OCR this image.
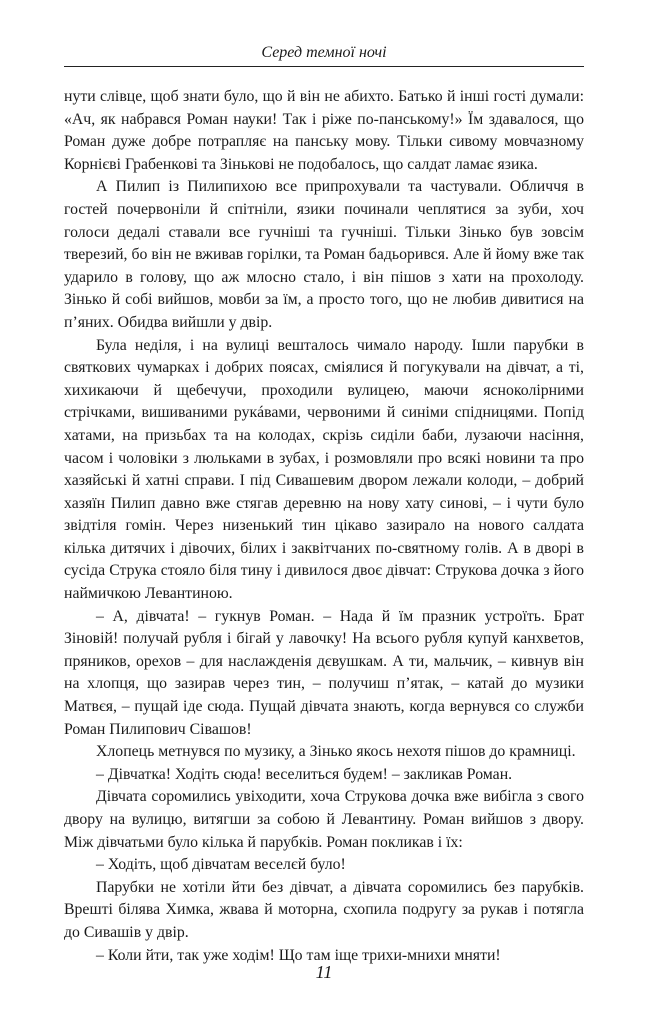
Серед темної ночі

нути слівце, щоб знати було, що й він не абихто. Батько й інші гості думали: «Ач, як набрався Роман науки! Так і ріже по-панському!» Їм здавалося, що Роман дуже добре потрапляє на панську мову. Тільки сивому мовчазному Корнієві Грабенкові та Зінькові не подобалось, що салдат ламає язика.

А Пилип із Пилипихою все припрохували та частували. Обличчя в гостей почервоніли й спітніли, язики починали чеплятися за зуби, хоч голоси дедалі ставали все гучніші та гучніші. Тільки Зінько був зовсім тверезий, бо він не вживав горілки, та Роман бадьорився. Але й йому вже так ударило в голову, що аж млосно стало, і він пішов з хати на прохолоду. Зінько й собі вийшов, мовби за їм, а просто того, що не любив дивитися на п’яних. Обидва вийшли у двір.

Була неділя, і на вулиці вешталось чимало народу. Ішли парубки в святкових чумарках і добрих поясах, сміялися й погукували на дівчат, а ті, хихикаючи й щебечучи, проходили вулицею, маючи ясноколірними стрічками, вишиваними рукáвами, червоними й синіми спідницями. Попід хатами, на призьбах та на колодах, скрізь сиділи баби, лузаючи насіння, часом і чоловіки з люльками в зубах, і розмовляли про всякі новини та про хазяйські й хатні справи. І під Сивашевим двором лежали колоди, – добрий хазяїн Пилип давно вже стягав деревню на нову хату синові, – і чути було звідтіля гомін. Через низенький тин цікаво зазирало на нового салдата кілька дитячих і дівочих, білих і заквітчаних по-святному голів. А в дворі в сусіда Струка стояло біля тину і дивилося двоє дівчат: Струкова дочка з його наймичкою Левантиною.

– А, дівчата! – гукнув Роман. – Нада й їм празник устроїть. Брат Зіновій! получай рубля і бігай у лавочку! На всього рубля купуй канхветов, пряников, орехов – для наслажденія дєвушкам. А ти, мальчик, – кивнув він на хлопця, що зазирав через тин, – получиш п’ятак, – катай до музики Матвєя, – пущай іде сюда. Пущай дівчата знають, когда вернувся со служби Роман Пилипович Сівашов!

Хлопець метнувся по музику, а Зінько якось нехотя пішов до крамниці.

– Дівчатка! Ходіть сюда! веселиться будем! – закликав Роман.

Дівчата соромились увіходити, хоча Струкова дочка вже вибігла з свого двору на вулицю, витягши за собою й Левантину. Роман вийшов з двору. Між дівчатьми було кілька й парубків. Роман покликав і їх:

– Ходіть, щоб дівчатам веселєй було!

Парубки не хотіли йти без дівчат, а дівчата соромились без парубків. Врешті білява Химка, жвава й моторна, схопила подругу за рукав і потягла до Сивашів у двір.

– Коли йти, так уже ходім! Що там іще трихи-мнихи мняти!

11
